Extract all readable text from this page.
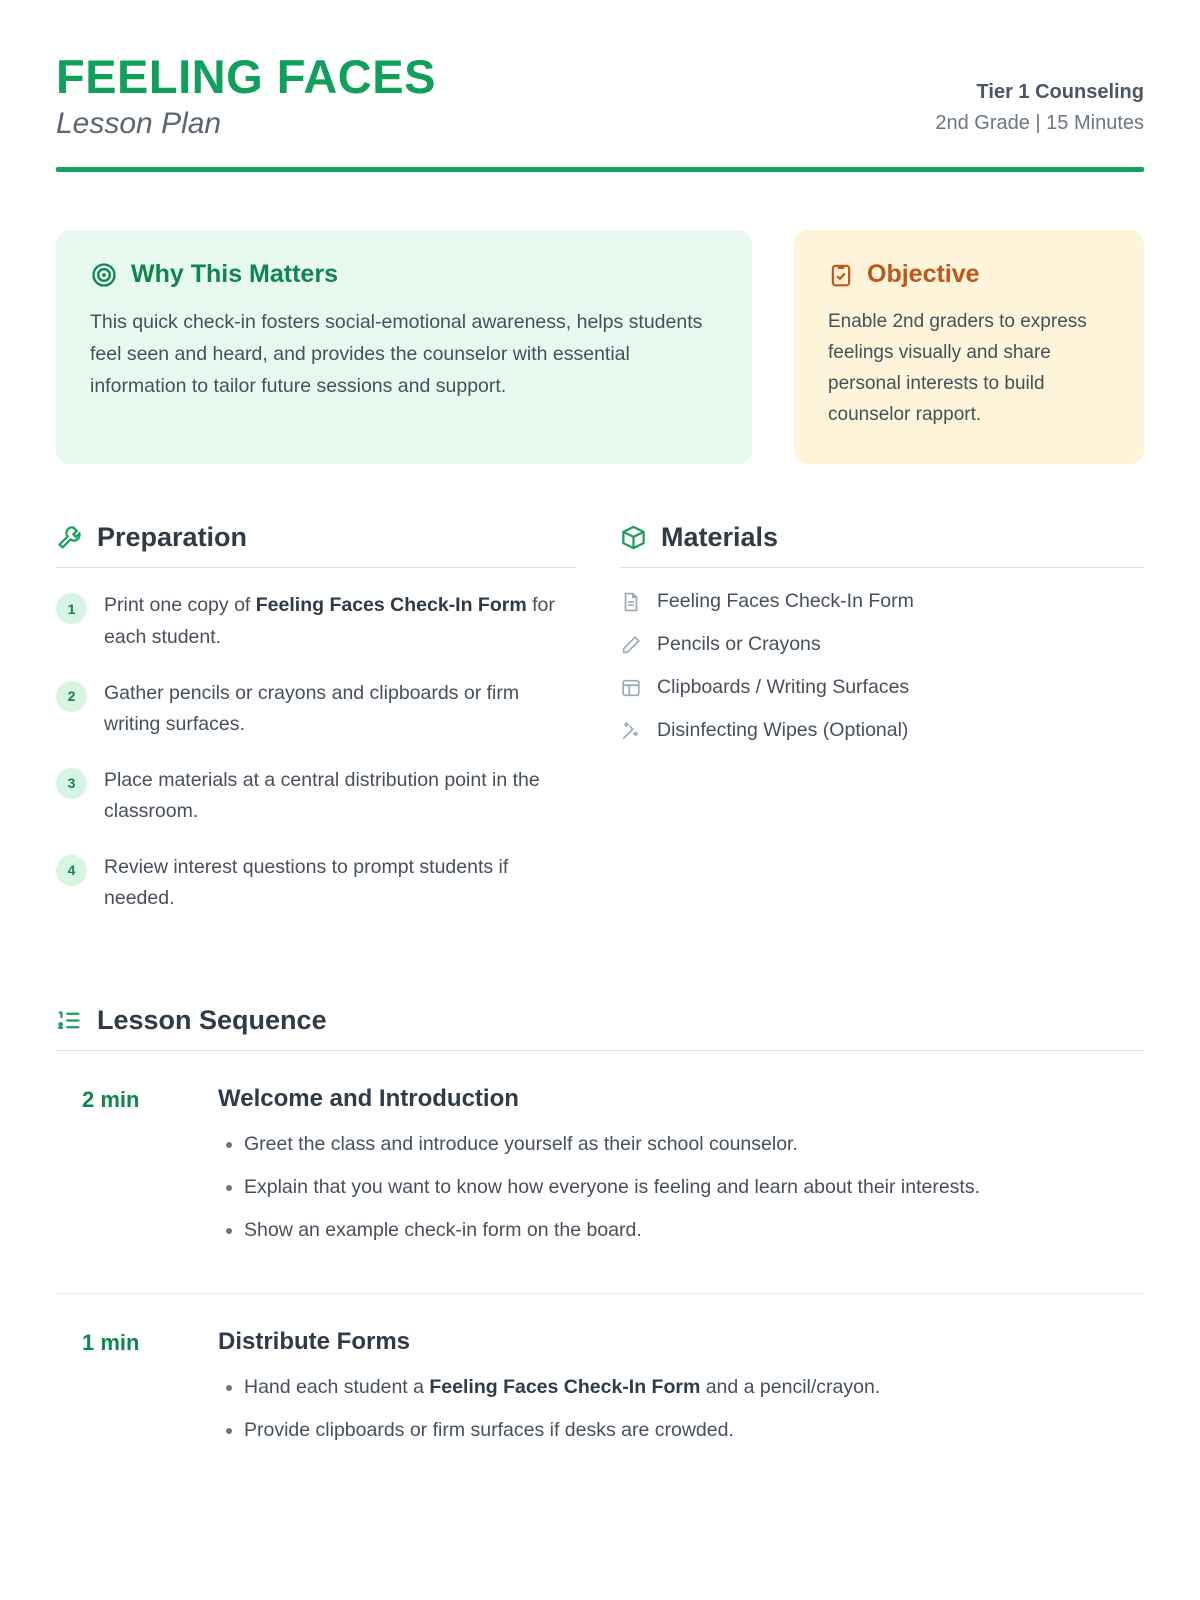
FEELING FACES
Lesson Plan
Tier 1 Counseling
2nd Grade | 15 Minutes
Why This Matters
This quick check-in fosters social-emotional awareness, helps students feel seen and heard, and provides the counselor with essential information to tailor future sessions and support.
Objective
Enable 2nd graders to express feelings visually and share personal interests to build counselor rapport.
Preparation
1	Print one copy of Feeling Faces Check-In Form for each student.
2	Gather pencils or crayons and clipboards or firm writing surfaces.
3	Place materials at a central distribution point in the classroom.
4	Review interest questions to prompt students if needed.
Materials
Feeling Faces Check-In Form
Pencils or Crayons
Clipboards / Writing Surfaces
Disinfecting Wipes (Optional)
Lesson Sequence
2 min	Welcome and Introduction
• Greet the class and introduce yourself as their school counselor.
• Explain that you want to know how everyone is feeling and learn about their interests.
• Show an example check-in form on the board.
1 min	Distribute Forms
• Hand each student a Feeling Faces Check-In Form and a pencil/crayon.
• Provide clipboards or firm surfaces if desks are crowded.
